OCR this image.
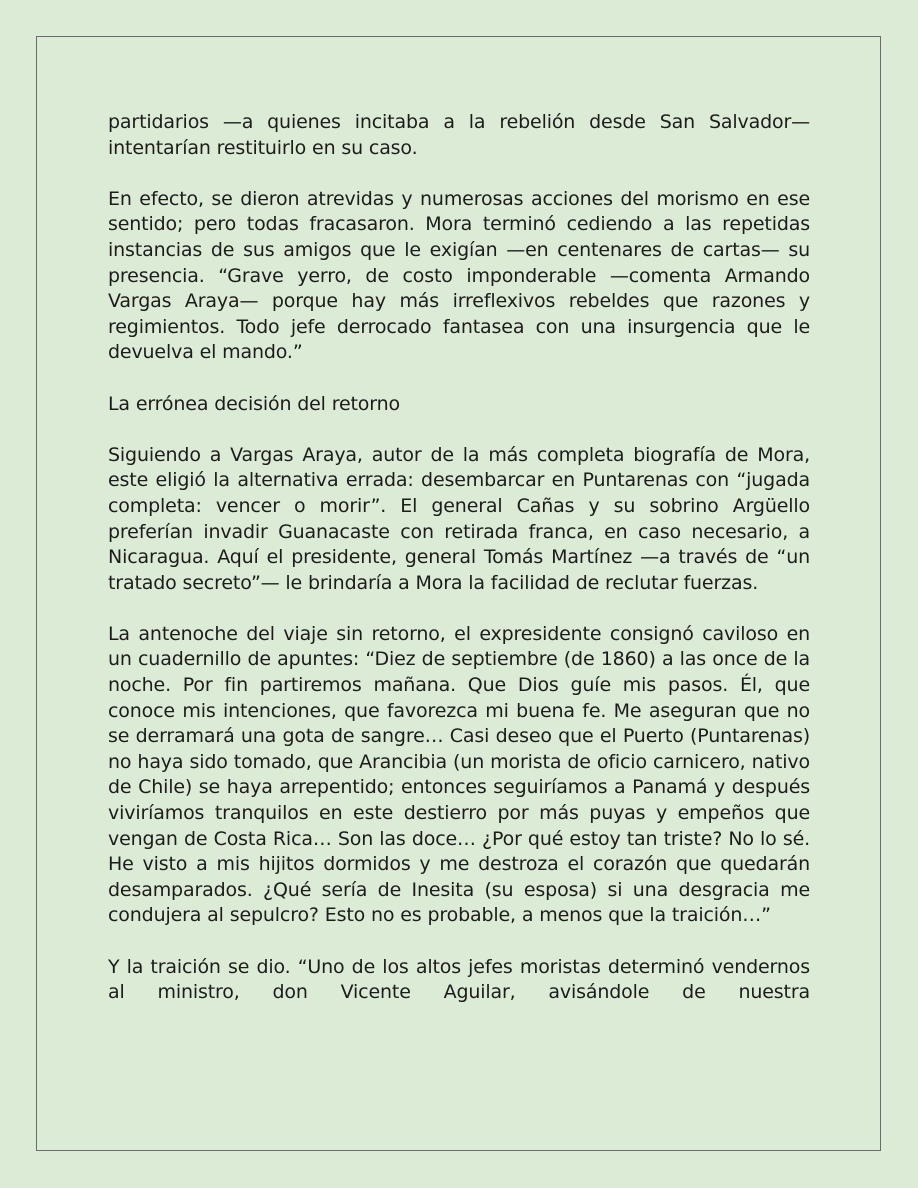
partidarios —a quienes incitaba a la rebelión desde San Salvador— intentarían restituirlo en su caso.

En efecto, se dieron atrevidas y numerosas acciones del morismo en ese sentido; pero todas fracasaron. Mora terminó cediendo a las repetidas instancias de sus amigos que le exigían —en centenares de cartas— su presencia. “Grave yerro, de costo imponderable —comenta Armando Vargas Araya— porque hay más irreflexivos rebeldes que razones y regimientos. Todo jefe derrocado fantasea con una insurgencia que le devuelva el mando.”

La errónea decisión del retorno

Siguiendo a Vargas Araya, autor de la más completa biografía de Mora, este eligió la alternativa errada: desembarcar en Puntarenas con “jugada completa: vencer o morir”. El general Cañas y su sobrino Argüello preferían invadir Guanacaste con retirada franca, en caso necesario, a Nicaragua. Aquí el presidente, general Tomás Martínez —a través de “un tratado secreto”— le brindaría a Mora la facilidad de reclutar fuerzas.

La antenoche del viaje sin retorno, el expresidente consignó caviloso en un cuadernillo de apuntes: “Diez de septiembre (de 1860) a las once de la noche. Por fin partiremos mañana. Que Dios guíe mis pasos. Él, que conoce mis intenciones, que favorezca mi buena fe. Me aseguran que no se derramará una gota de sangre… Casi deseo que el Puerto (Puntarenas) no haya sido tomado, que Arancibia (un morista de oficio carnicero, nativo de Chile) se haya arrepentido; entonces seguiríamos a Panamá y después viviríamos tranquilos en este destierro por más puyas y empeños que vengan de Costa Rica… Son las doce… ¿Por qué estoy tan triste? No lo sé. He visto a mis hijitos dormidos y me destroza el corazón que quedarán desamparados. ¿Qué sería de Inesita (su esposa) si una desgracia me condujera al sepulcro? Esto no es probable, a menos que la traición…”

Y la traición se dio. “Uno de los altos jefes moristas determinó vendernos al ministro, don Vicente Aguilar, avisándole de nuestra
